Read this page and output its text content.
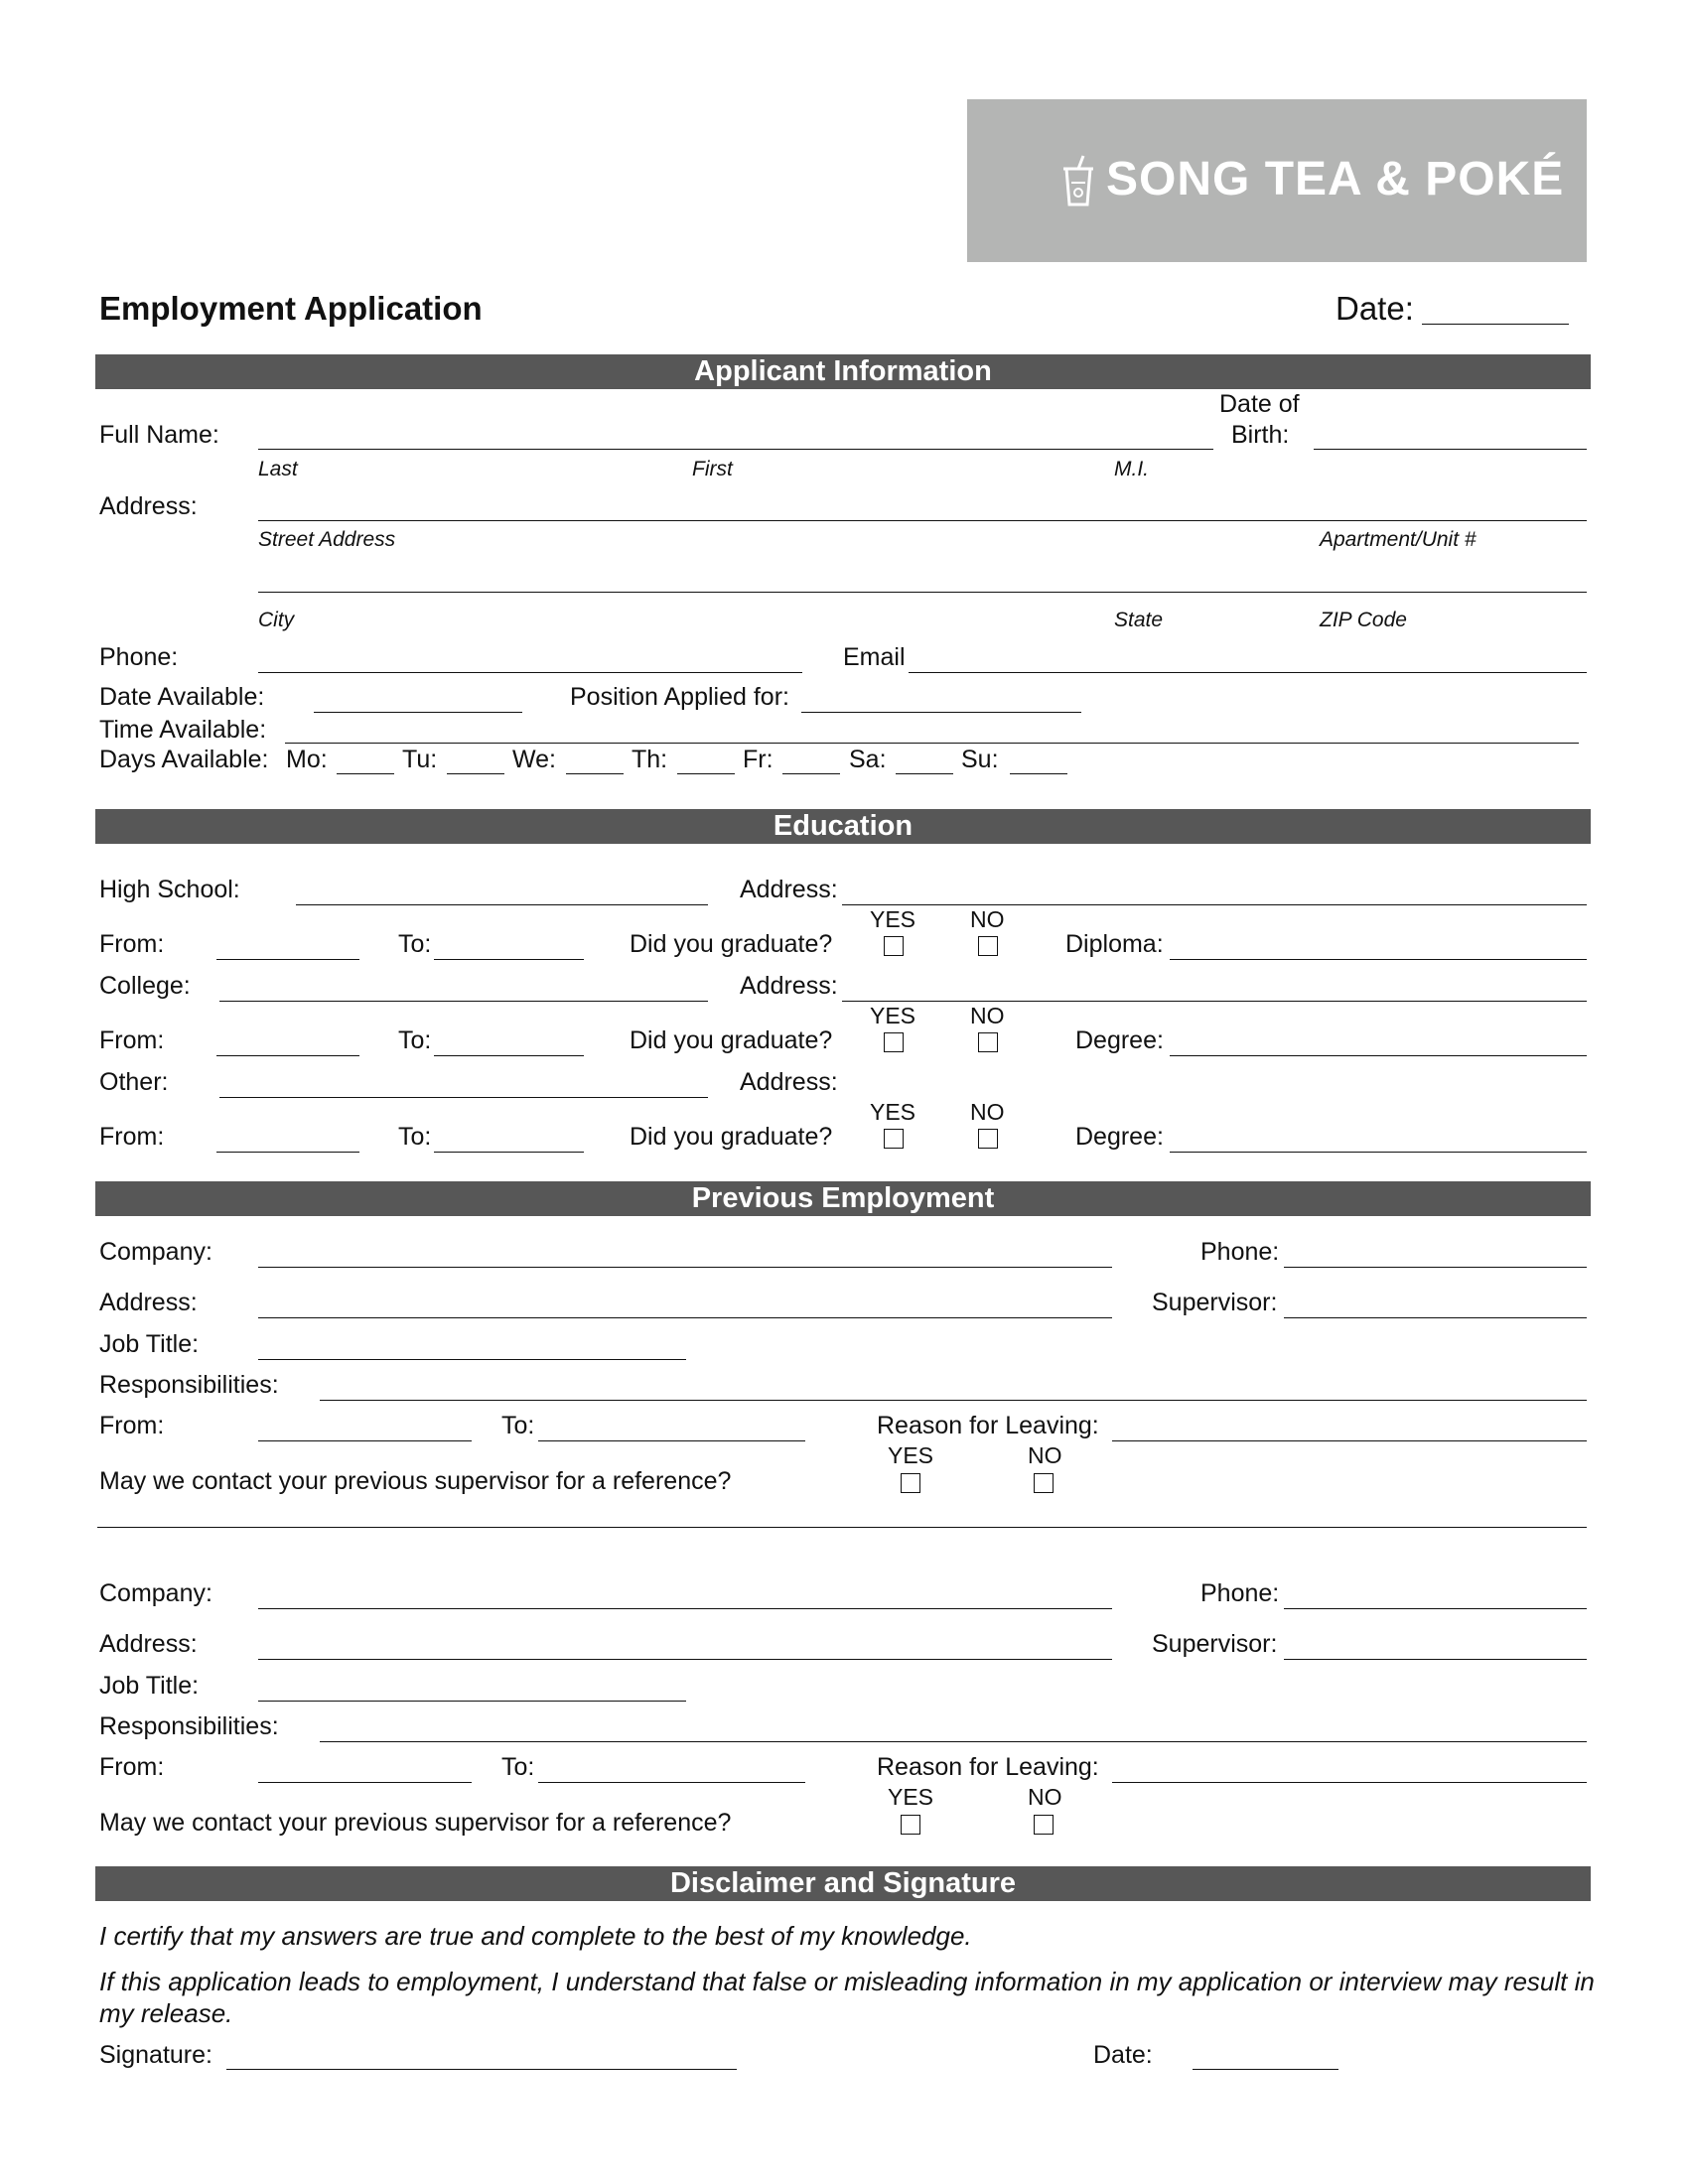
SONG TEA & POKÉ
Employment Application	Date:
Applicant Information
Full Name:
Date of
Birth:
Last	First	M.I.
Address:
Street Address	Apartment/Unit #
City	State	ZIP Code
Phone:	Email
Date Available:	Position Applied for:
Time Available:
Days Available: Mo:	Tu:	We:	Th:	Fr:	Sa:	Su:
Education
High School:	Address:
YES NO
From:	To:	Did you graduate?	Diploma:
College:	Address:
YES NO
From:	To:	Did you graduate?	Degree:
Other:	Address:
YES NO
From:	To:	Did you graduate?	Degree:
Previous Employment
Company:	Phone:
Address:	Supervisor:
Job Title:
Responsibilities:
From:	To:	Reason for Leaving:
YES	NO
May we contact your previous supervisor for a reference?
Company:	Phone:
Address:	Supervisor:
Job Title:
Responsibilities:
From:	To:	Reason for Leaving:
YES	NO
May we contact your previous supervisor for a reference?
Disclaimer and Signature
I certify that my answers are true and complete to the best of my knowledge.
If this application leads to employment, I understand that false or misleading information in my application or interview may result in my release.
Signature:	Date:
